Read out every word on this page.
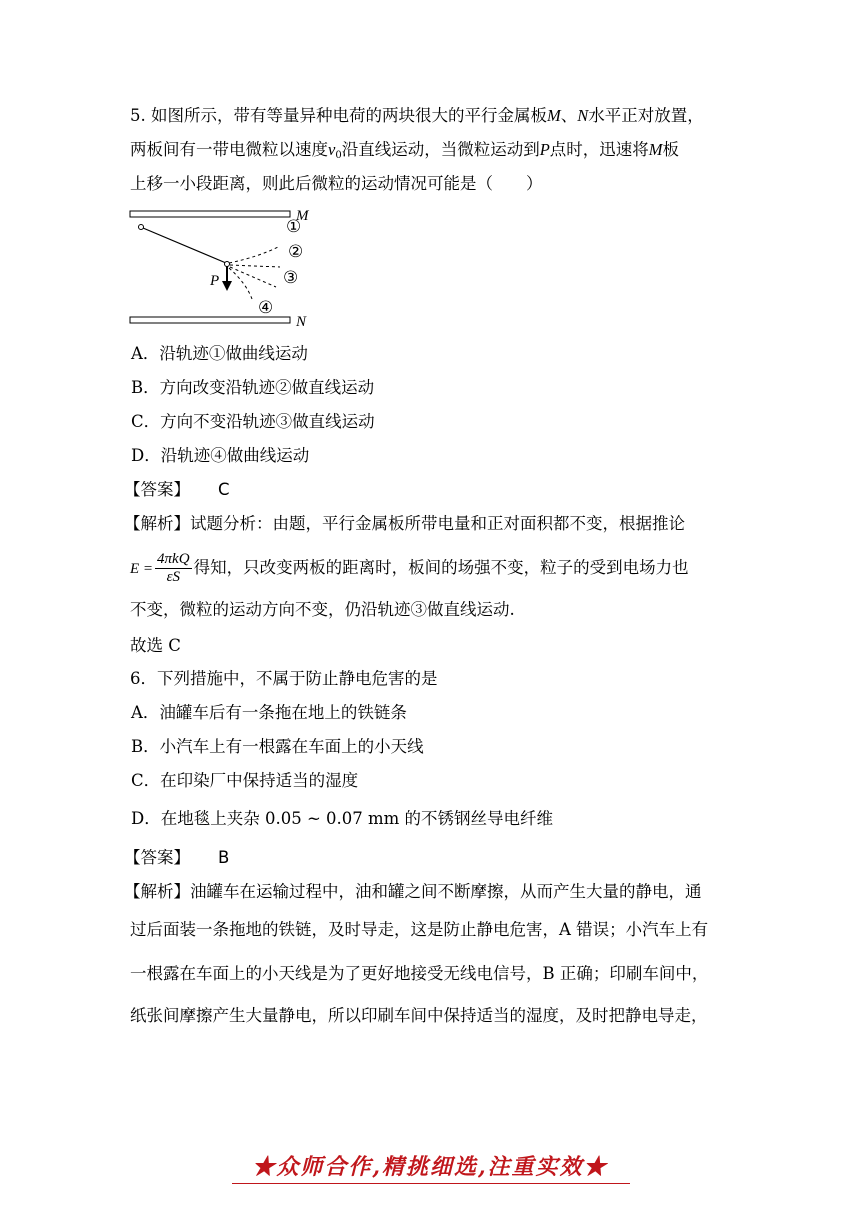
5. 如图所示，带有等量异种电荷的两块很大的平行金属板M、N水平正对放置，
两板间有一带电微粒以速度$v_0$沿直线运动，当微粒运动到P点时，迅速将M板
上移一小段距离，则此后微粒的运动情况可能是（　　）
M
N
P
①
②
③
④
A．沿轨迹①做曲线运动
B．方向改变沿轨迹②做直线运动
C．方向不变沿轨迹③做直线运动
D．沿轨迹④做曲线运动
【答案】 C
【解析】试题分析：由题，平行金属板所带电量和正对面积都不变，根据推论
$E = \frac{\text{4πkQ}}{\varepsilon S}$ 得知，只改变两板的距离时，板间的场强不变，粒子的受到电场力也
不变，微粒的运动方向不变，仍沿轨迹③做直线运动.
故选 C
6．下列措施中，不属于防止静电危害的是
A．油罐车后有一条拖在地上的铁链条
B．小汽车上有一根露在车面上的小天线
C．在印染厂中保持适当的湿度
D．在地毯上夹杂 0.05 ~ 0.07 mm 的不锈钢丝导电纤维
【答案】 B
【解析】油罐车在运输过程中，油和罐之间不断摩擦，从而产生大量的静电，通
过后面装一条拖地的铁链，及时导走，这是防止静电危害，A 错误；小汽车上有
一根露在车面上的小天线是为了更好地接受无线电信号，B 正确；印刷车间中，
纸张间摩擦产生大量静电，所以印刷车间中保持适当的湿度，及时把静电导走，
★众师合作,精挑细选,注重实效★
